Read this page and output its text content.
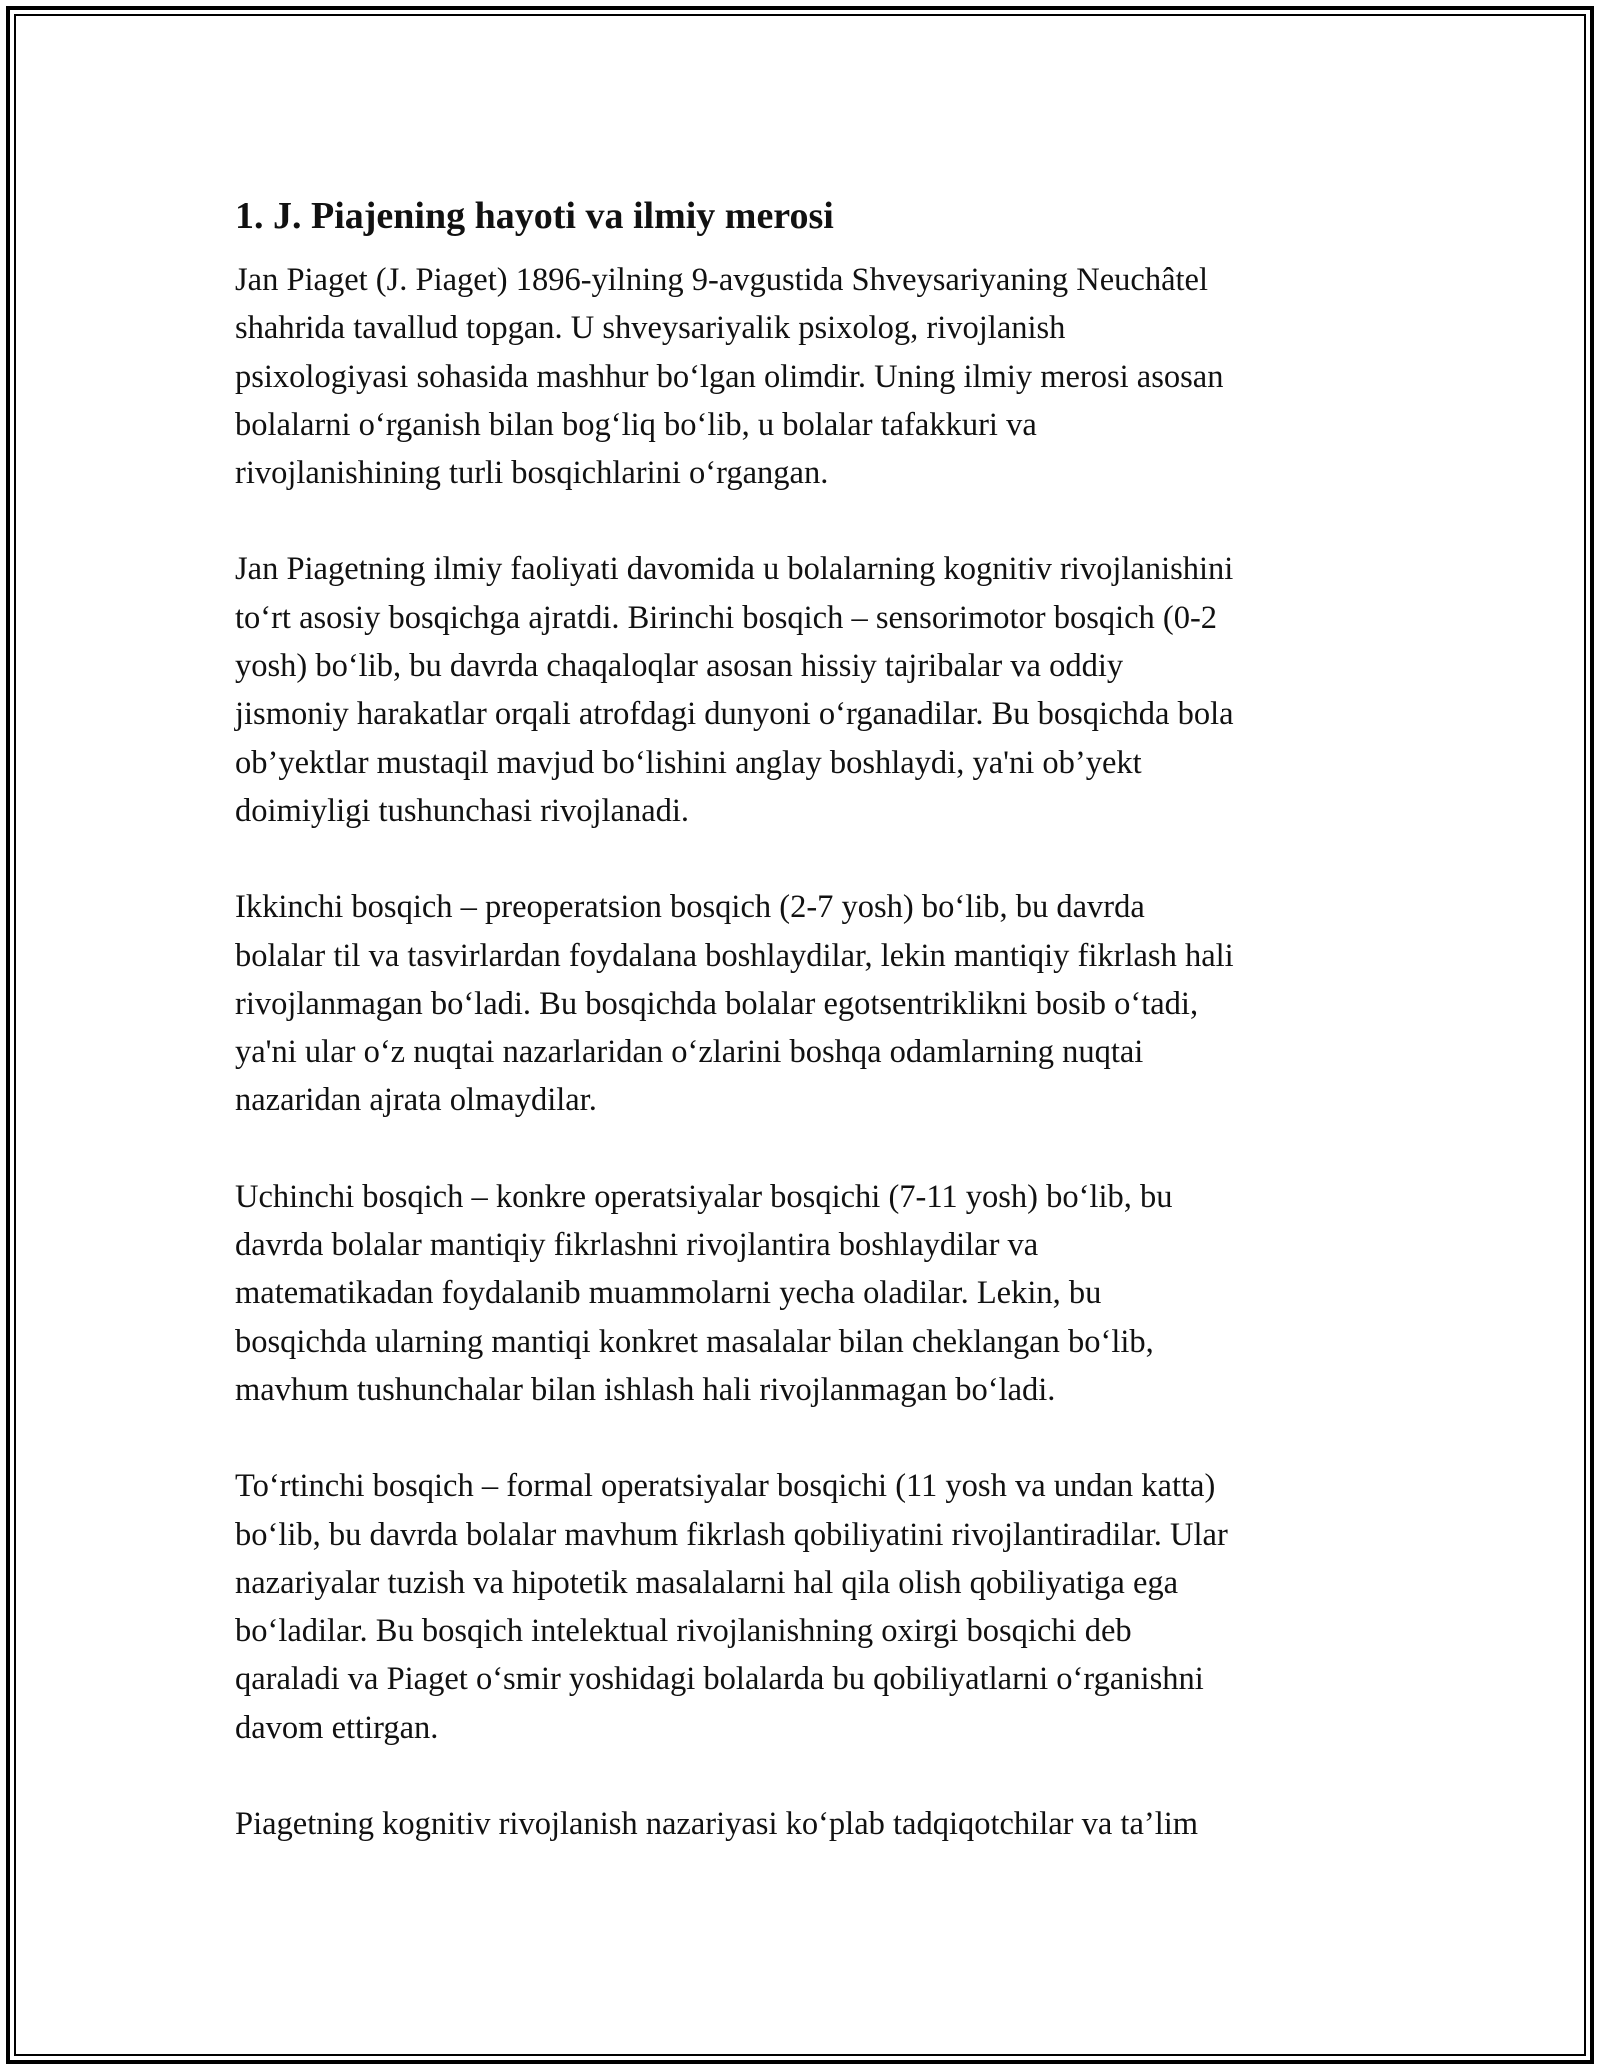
1. J. Piajening hayoti va ilmiy merosi

Jan Piaget (J. Piaget) 1896-yilning 9-avgustida Shveysariyaning Neuchâtel
shahrida tavallud topgan. U shveysariyalik psixolog, rivojlanish
psixologiyasi sohasida mashhur boʻlgan olimdir. Uning ilmiy merosi asosan
bolalarni oʻrganish bilan bogʻliq boʻlib, u bolalar tafakkuri va
rivojlanishining turli bosqichlarini oʻrgangan.

Jan Piagetning ilmiy faoliyati davomida u bolalarning kognitiv rivojlanishini
toʻrt asosiy bosqichga ajratdi. Birinchi bosqich – sensorimotor bosqich (0-2
yosh) boʻlib, bu davrda chaqaloqlar asosan hissiy tajribalar va oddiy
jismoniy harakatlar orqali atrofdagi dunyoni oʻrganadilar. Bu bosqichda bola
ob’yektlar mustaqil mavjud boʻlishini anglay boshlaydi, ya'ni ob’yekt
doimiyligi tushunchasi rivojlanadi.

Ikkinchi bosqich – preoperatsion bosqich (2-7 yosh) boʻlib, bu davrda
bolalar til va tasvirlardan foydalana boshlaydilar, lekin mantiqiy fikrlash hali
rivojlanmagan boʻladi. Bu bosqichda bolalar egotsentriklikni bosib oʻtadi,
ya'ni ular oʻz nuqtai nazarlaridan oʻzlarini boshqa odamlarning nuqtai
nazaridan ajrata olmaydilar.

Uchinchi bosqich – konkre operatsiyalar bosqichi (7-11 yosh) boʻlib, bu
davrda bolalar mantiqiy fikrlashni rivojlantira boshlaydilar va
matematikadan foydalanib muammolarni yecha oladilar. Lekin, bu
bosqichda ularning mantiqi konkret masalalar bilan cheklangan boʻlib,
mavhum tushunchalar bilan ishlash hali rivojlanmagan boʻladi.

Toʻrtinchi bosqich – formal operatsiyalar bosqichi (11 yosh va undan katta)
boʻlib, bu davrda bolalar mavhum fikrlash qobiliyatini rivojlantiradilar. Ular
nazariyalar tuzish va hipotetik masalalarni hal qila olish qobiliyatiga ega
boʻladilar. Bu bosqich intelektual rivojlanishning oxirgi bosqichi deb
qaraladi va Piaget oʻsmir yoshidagi bolalarda bu qobiliyatlarni oʻrganishni
davom ettirgan.

Piagetning kognitiv rivojlanish nazariyasi koʻplab tadqiqotchilar va ta’lim
